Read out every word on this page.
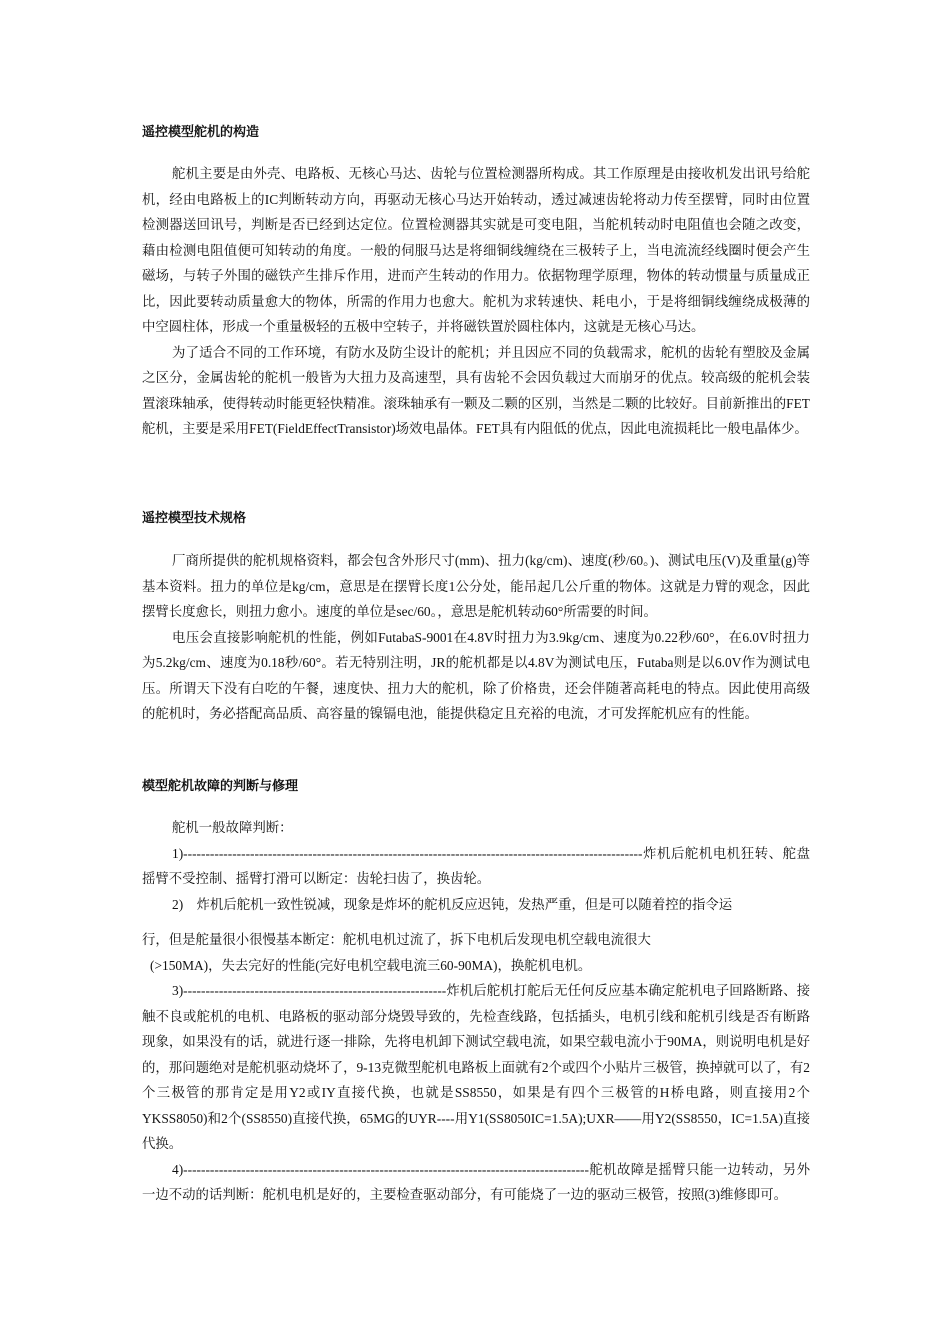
遥控模型舵机的构造

舵机主要是由外壳、电路板、无核心马达、齿轮与位置检测器所构成。其工作原理是由接收机发出讯号给舵机，经由电路板上的IC判断转动方向，再驱动无核心马达开始转动，透过减速齿轮将动力传至摆臂，同时由位置检测器送回讯号，判断是否已经到达定位。位置检测器其实就是可变电阻，当舵机转动时电阻值也会随之改变，藉由检测电阻值便可知转动的角度。一般的伺服马达是将细铜线缠绕在三极转子上，当电流流经线圈时便会产生磁场，与转子外围的磁铁产生排斥作用，进而产生转动的作用力。依据物理学原理，物体的转动惯量与质量成正比，因此要转动质量愈大的物体，所需的作用力也愈大。舵机为求转速快、耗电小，于是将细铜线缠绕成极薄的中空圆柱体，形成一个重量极轻的五极中空转子，并将磁铁置於圆柱体内，这就是无核心马达。

为了适合不同的工作环境，有防水及防尘设计的舵机；并且因应不同的负载需求，舵机的齿轮有塑胶及金属之区分，金属齿轮的舵机一般皆为大扭力及高速型，具有齿轮不会因负载过大而崩牙的优点。较高级的舵机会装置滚珠轴承，使得转动时能更轻快精准。滚珠轴承有一颗及二颗的区别，当然是二颗的比较好。目前新推出的FET舵机，主要是采用FET(FieldEffectTransistor)场效电晶体。FET具有内阻低的优点，因此电流损耗比一般电晶体少。

遥控模型技术规格

厂商所提供的舵机规格资料，都会包含外形尺寸(mm)、扭力(kg/cm)、速度(秒/60。)、测试电压(V)及重量(g)等基本资料。扭力的单位是kg/cm，意思是在摆臂长度1公分处，能吊起几公斤重的物体。这就是力臂的观念，因此摆臂长度愈长，则扭力愈小。速度的单位是sec/60。，意思是舵机转动60°所需要的时间。

电压会直接影响舵机的性能，例如FutabaS-9001在4.8V时扭力为3.9kg/cm、速度为0.22秒/60°，在6.0V时扭力为5.2kg/cm、速度为0.18秒/60°。若无特别注明，JR的舵机都是以4.8V为测试电压，Futaba则是以6.0V作为测试电压。所谓天下没有白吃的午餐，速度快、扭力大的舵机，除了价格贵，还会伴随著高耗电的特点。因此使用高级的舵机时，务必搭配高品质、高容量的镍镉电池，能提供稳定且充裕的电流，才可发挥舵机应有的性能。

模型舵机故障的判断与修理

舵机一般故障判断：

1)-------------------------------------------------------------------------------------------------------炸机后舵机电机狂转、舵盘摇臂不受控制、摇臂打滑可以断定：齿轮扫齿了，换齿轮。

2)　炸机后舵机一致性锐减，现象是炸坏的舵机反应迟钝，发热严重，但是可以随着控的指令运

行，但是舵量很小很慢基本断定：舵机电机过流了，拆下电机后发现电机空载电流很大

(>150MA)，失去完好的性能(完好电机空载电流三60-90MA)，换舵机电机。

3)-----------------------------------------------------------炸机后舵机打舵后无任何反应基本确定舵机电子回路断路、接触不良或舵机的电机、电路板的驱动部分烧毁导致的，先检查线路，包括插头，电机引线和舵机引线是否有断路现象，如果没有的话，就进行逐一排除，先将电机卸下测试空载电流，如果空载电流小于90MA，则说明电机是好的，那问题绝对是舵机驱动烧坏了，9-13克微型舵机电路板上面就有2个或四个小贴片三极管，换掉就可以了，有2个三极管的那肯定是用Y2或IY直接代换，也就是SS8550，如果是有四个三极管的H桥电路，则直接用2个YKSS8050)和2个(SS8550)直接代换，65MG的UYR----用Y1(SS8050IC=1.5A);UXR——用Y2(SS8550，IC=1.5A)直接代换。

4)-------------------------------------------------------------------------------------------舵机故障是摇臂只能一边转动，另外一边不动的话判断：舵机电机是好的，主要检查驱动部分，有可能烧了一边的驱动三极管，按照(3)维修即可。
